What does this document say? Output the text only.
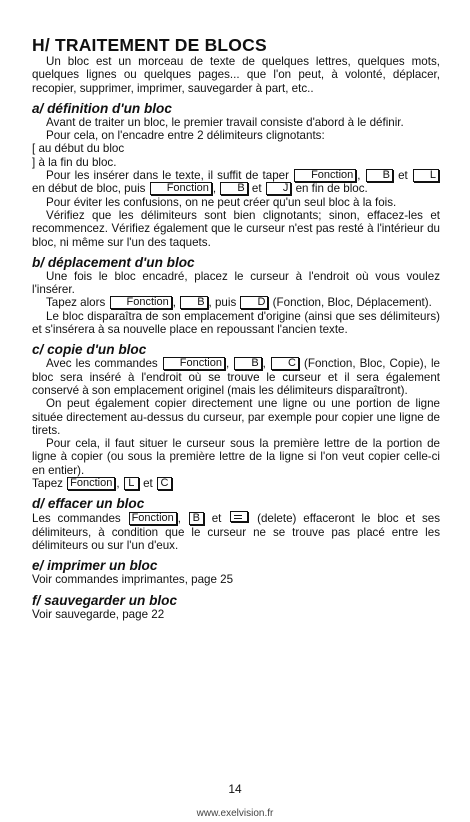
H/ TRAITEMENT DE BLOCS

Un bloc est un morceau de texte de quelques lettres, quelques mots, quelques lignes ou quelques pages... que l'on peut, à volonté, déplacer, recopier, supprimer, imprimer, sauvegarder à part, etc..

a/ définition d'un bloc

Avant de traiter un bloc, le premier travail consiste d'abord à le définir.

Pour cela, on l'encadre entre 2 délimiteurs clignotants:

[ au début du bloc

] à la fin du bloc.

Pour les insérer dans le texte, il suffit de taper Fonction , B et L en début de bloc, puis Fonction , B et J en fin de bloc.

Pour éviter les confusions, on ne peut créer qu'un seul bloc à la fois.

Vérifiez que les délimiteurs sont bien clignotants; sinon, effacez-les et recommencez. Vérifiez également que le curseur n'est pas resté à l'intérieur du bloc, ni même sur l'un des taquets.

b/ déplacement d'un bloc

Une fois le bloc encadré, placez le curseur à l'endroit où vous voulez l'insérer.

Tapez alors Fonction , B , puis D (Fonction, Bloc, Déplacement).

Le bloc disparaîtra de son emplacement d'origine (ainsi que ses délimiteurs) et s'insérera à sa nouvelle place en repoussant l'ancien texte.

c/ copie d'un bloc

Avec les commandes Fonction , B , C (Fonction, Bloc, Copie), le bloc sera inséré à l'endroit où se trouve le curseur et il sera également conservé à son emplacement originel (mais les délimiteurs disparaîtront).

On peut également copier directement une ligne ou une portion de ligne située directement au-dessus du curseur, par exemple pour copier une ligne de tirets.

Pour cela, il faut situer le curseur sous la première lettre de la portion de ligne à copier (ou sous la première lettre de la ligne si l'on veut copier celle-ci en entier).

Tapez Fonction , L et C

d/ effacer un bloc

Les commandes Fonction , B et	(delete) effaceront le bloc et ses délimiteurs, à condition que le curseur ne se trouve pas placé entre les délimiteurs ou sur l'un d'eux.

e/ imprimer un bloc

Voir commandes imprimantes, page 25

f/ sauvegarder un bloc

Voir sauvegarde, page 22

14
www.exelvision.fr
